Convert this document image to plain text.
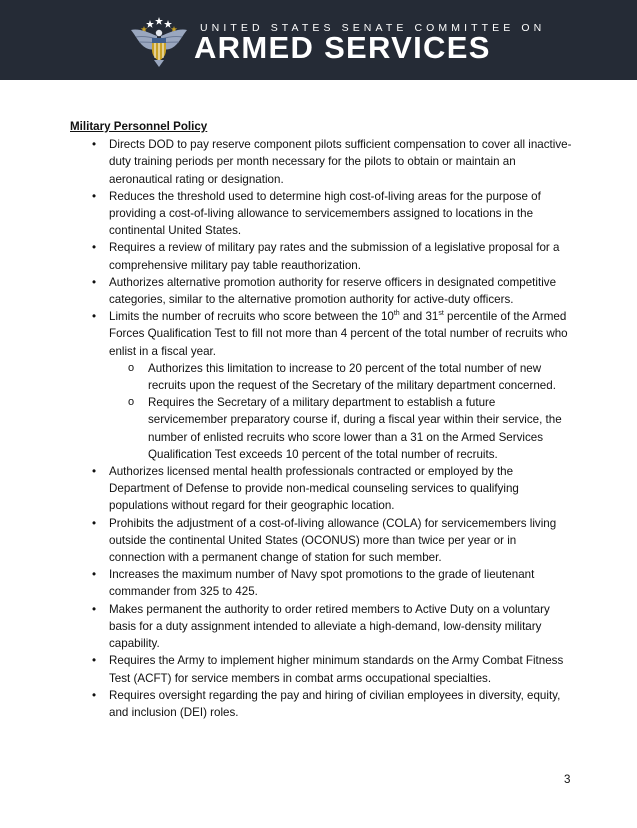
UNITED STATES SENATE COMMITTEE ON
ARMED SERVICES
Military Personnel Policy
• Directs DOD to pay reserve component pilots sufficient compensation to cover all inactive-duty training periods per month necessary for the pilots to obtain or maintain an aeronautical rating or designation.
• Reduces the threshold used to determine high cost-of-living areas for the purpose of providing a cost-of-living allowance to servicemembers assigned to locations in the continental United States.
• Requires a review of military pay rates and the submission of a legislative proposal for a comprehensive military pay table reauthorization.
• Authorizes alternative promotion authority for reserve officers in designated competitive categories, similar to the alternative promotion authority for active-duty officers.
• Limits the number of recruits who score between the 10th and 31st percentile of the Armed Forces Qualification Test to fill not more than 4 percent of the total number of recruits who enlist in a fiscal year.
o Authorizes this limitation to increase to 20 percent of the total number of new recruits upon the request of the Secretary of the military department concerned.
o Requires the Secretary of a military department to establish a future servicemember preparatory course if, during a fiscal year within their service, the number of enlisted recruits who score lower than a 31 on the Armed Services Qualification Test exceeds 10 percent of the total number of recruits.
• Authorizes licensed mental health professionals contracted or employed by the Department of Defense to provide non-medical counseling services to qualifying populations without regard for their geographic location.
• Prohibits the adjustment of a cost-of-living allowance (COLA) for servicemembers living outside the continental United States (OCONUS) more than twice per year or in connection with a permanent change of station for such member.
• Increases the maximum number of Navy spot promotions to the grade of lieutenant commander from 325 to 425.
• Makes permanent the authority to order retired members to Active Duty on a voluntary basis for a duty assignment intended to alleviate a high-demand, low-density military capability.
• Requires the Army to implement higher minimum standards on the Army Combat Fitness Test (ACFT) for service members in combat arms occupational specialties.
• Requires oversight regarding the pay and hiring of civilian employees in diversity, equity, and inclusion (DEI) roles.
3
